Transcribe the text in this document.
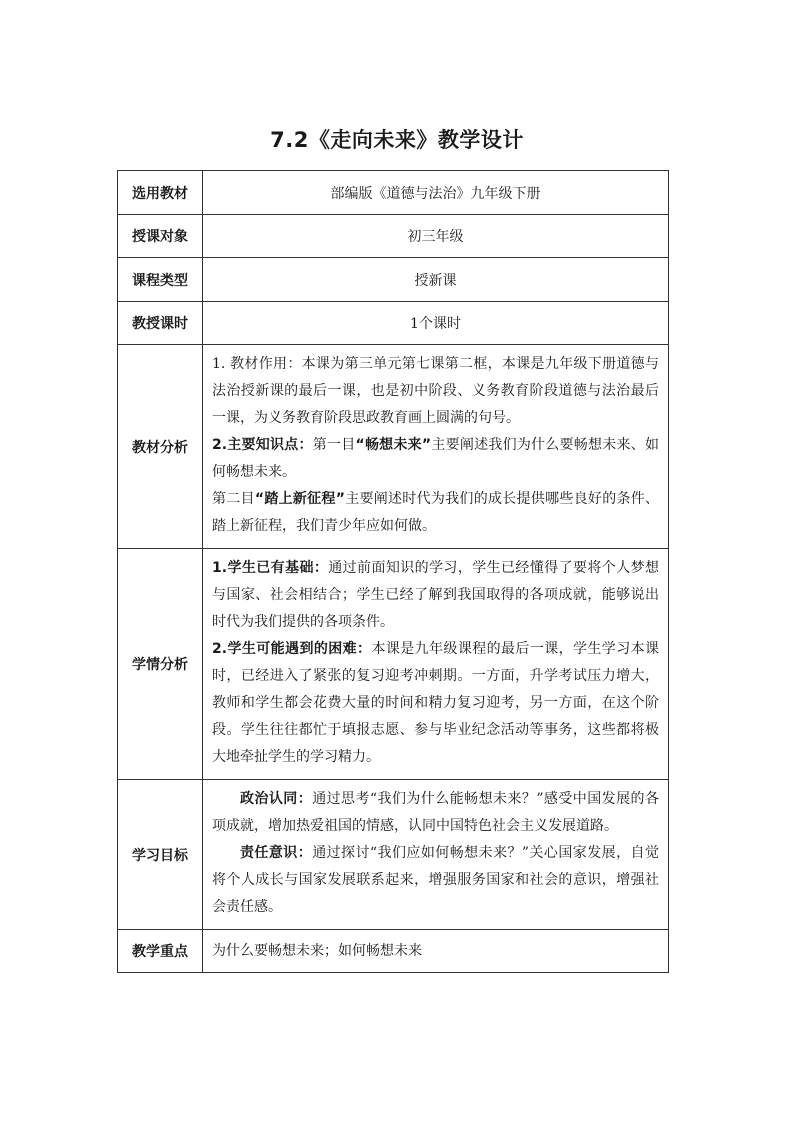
7.2《走向未来》教学设计
选用教材	部编版《道德与法治》九年级下册
授课对象	初三年级
课程类型	授新课
教授课时	1个课时
教材分析	1. 教材作用：本课为第三单元第七课第二框，本课是九年级下册道德与法治授新课的最后一课，也是初中阶段、义务教育阶段道德与法治最后一课，为义务教育阶段思政教育画上圆满的句号。

2.主要知识点：第一目“畅想未来”主要阐述我们为什么要畅想未来、如何畅想未来。

第二目“踏上新征程”主要阐述时代为我们的成长提供哪些良好的条件、踏上新征程，我们青少年应如何做。

学情分析	1.学生已有基础：通过前面知识的学习，学生已经懂得了要将个人梦想与国家、社会相结合；学生已经了解到我国取得的各项成就，能够说出时代为我们提供的各项条件。

2.学生可能遇到的困难：本课是九年级课程的最后一课，学生学习本课时，已经进入了紧张的复习迎考冲刺期。一方面，升学考试压力增大，教师和学生都会花费大量的时间和精力复习迎考，另一方面，在这个阶段。学生往往都忙于填报志愿、参与毕业纪念活动等事务，这些都将极大地牵扯学生的学习精力。

学习目标	政治认同：通过思考“我们为什么能畅想未来？”感受中国发展的各项成就，增加热爱祖国的情感，认同中国特色社会主义发展道路。

责任意识：通过探讨“我们应如何畅想未来？”关心国家发展，自觉将个人成长与国家发展联系起来，增强服务国家和社会的意识，增强社会责任感。

教学重点	为什么要畅想未来；如何畅想未来
